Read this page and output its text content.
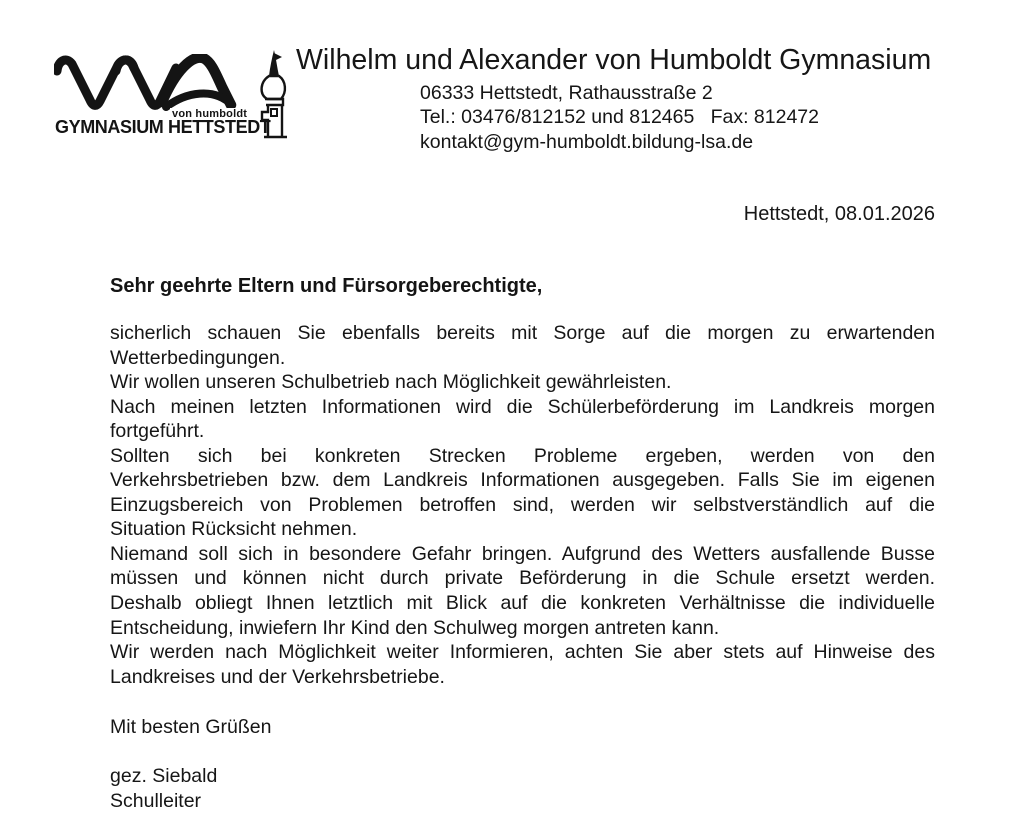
von humboldt
GYMNASIUM HETTSTEDT
Wilhelm und Alexander von Humboldt Gymnasium
06333 Hettstedt, Rathausstraße 2
Tel.: 03476/812152 und 812465   Fax: 812472
kontakt@gym-humboldt.bildung-lsa.de
Hettstedt, 08.01.2026
Sehr geehrte Eltern und Fürsorgeberechtigte,
sicherlich schauen Sie ebenfalls bereits mit Sorge auf die morgen zu erwartenden
Wetterbedingungen.
Wir wollen unseren Schulbetrieb nach Möglichkeit gewährleisten.
Nach meinen letzten Informationen wird die Schülerbeförderung im Landkreis morgen
fortgeführt.
Sollten sich bei konkreten Strecken Probleme ergeben, werden von den
Verkehrsbetrieben bzw. dem Landkreis Informationen ausgegeben. Falls Sie im eigenen
Einzugsbereich von Problemen betroffen sind, werden wir selbstverständlich auf die
Situation Rücksicht nehmen.
Niemand soll sich in besondere Gefahr bringen. Aufgrund des Wetters ausfallende Busse
müssen und können nicht durch private Beförderung in die Schule ersetzt werden.
Deshalb obliegt Ihnen letztlich mit Blick auf die konkreten Verhältnisse die individuelle
Entscheidung, inwiefern Ihr Kind den Schulweg morgen antreten kann.
Wir werden nach Möglichkeit weiter Informieren, achten Sie aber stets auf Hinweise des
Landkreises und der Verkehrsbetriebe.
Mit besten Grüßen
gez. Siebald
Schulleiter
